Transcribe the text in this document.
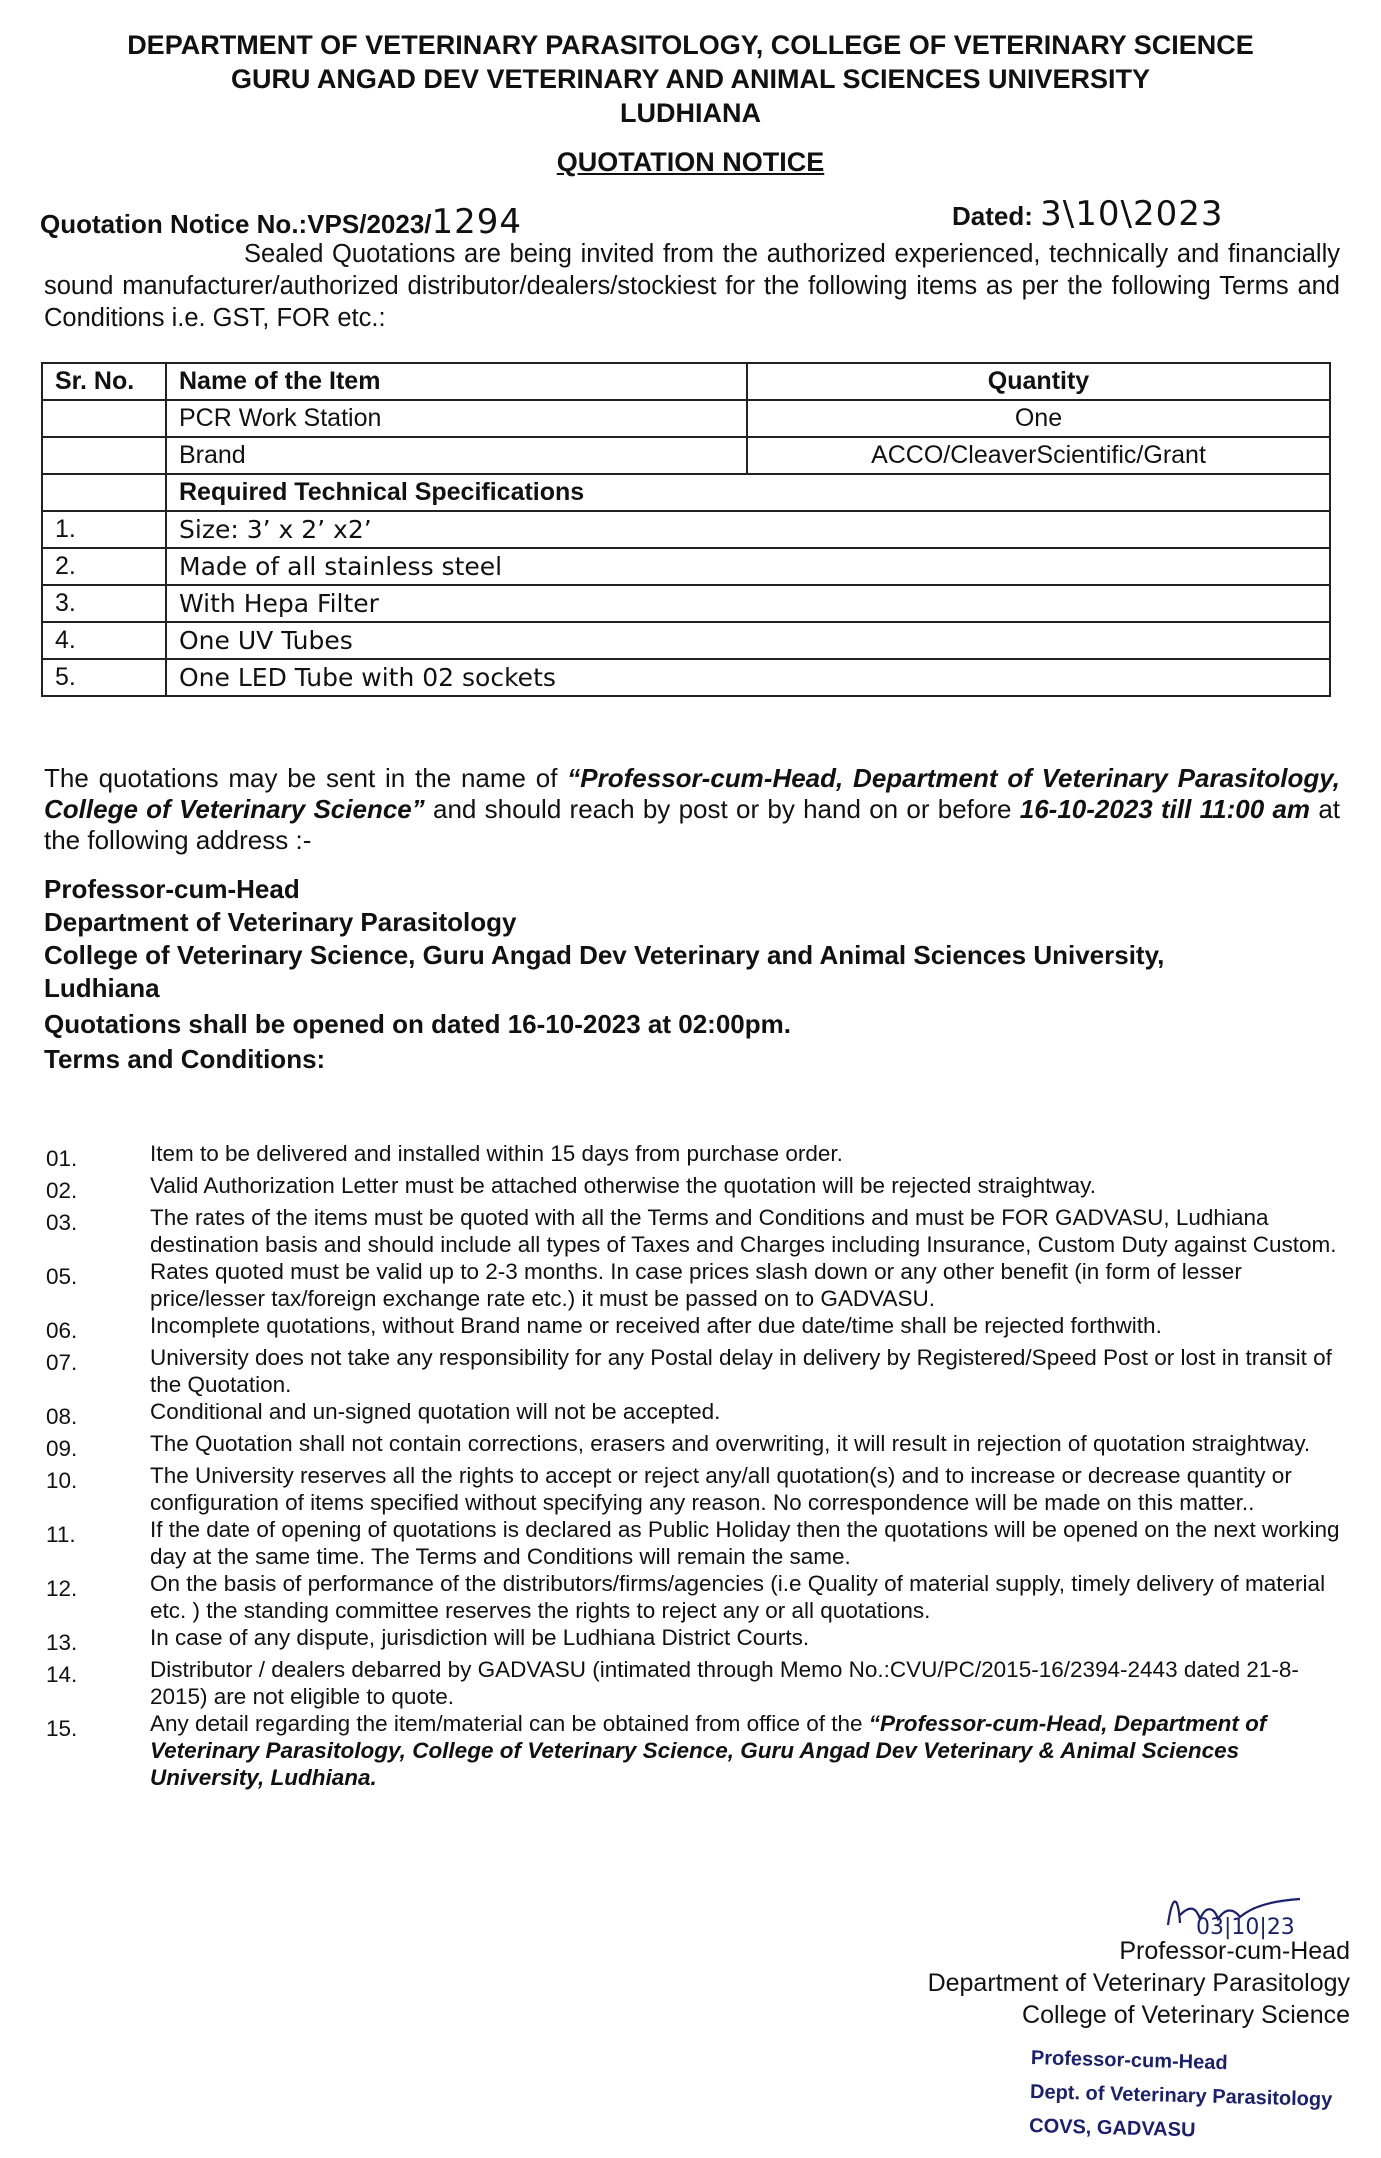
DEPARTMENT OF VETERINARY PARASITOLOGY, COLLEGE OF VETERINARY SCIENCE
GURU ANGAD DEV VETERINARY AND ANIMAL SCIENCES UNIVERSITY
LUDHIANA
QUOTATION NOTICE
Quotation Notice No.:VPS/2023/1294	Dated: 3\10\2023
Sealed Quotations are being invited from the authorized experienced, technically and financially sound manufacturer/authorized distributor/dealers/stockiest for the following items as per the following Terms and Conditions i.e. GST, FOR etc.:
Sr. No.	Name of the Item	Quantity
	PCR Work Station	One
	Brand	ACCO/CleaverScientific/Grant
	Required Technical Specifications	
1.	Size: 3’ x 2’ x2’	
2.	Made of all stainless steel	
3.	With Hepa Filter	
4.	One UV Tubes	
5.	One LED Tube with 02 sockets	
The quotations may be sent in the name of “Professor-cum-Head, Department of Veterinary Parasitology, College of Veterinary Science” and should reach by post or by hand on or before 16-10-2023 till 11:00 am at the following address :-
Professor-cum-Head
Department of Veterinary Parasitology
College of Veterinary Science, Guru Angad Dev Veterinary and Animal Sciences University,
Ludhiana
Quotations shall be opened on dated 16-10-2023 at 02:00pm.
Terms and Conditions:
01.	Item to be delivered and installed within 15 days from purchase order.
02.	Valid Authorization Letter must be attached otherwise the quotation will be rejected straightway.
03.	The rates of the items must be quoted with all the Terms and Conditions and must be FOR GADVASU, Ludhiana destination basis and should include all types of Taxes and Charges including Insurance, Custom Duty against Custom.
05.	Rates quoted must be valid up to 2-3 months. In case prices slash down or any other benefit (in form of lesser price/lesser tax/foreign exchange rate etc.) it must be passed on to GADVASU.
06.	Incomplete quotations, without Brand name or received after due date/time shall be rejected forthwith.
07.	University does not take any responsibility for any Postal delay in delivery by Registered/Speed Post or lost in transit of the Quotation.
08.	Conditional and un-signed quotation will not be accepted.
09.	The Quotation shall not contain corrections, erasers and overwriting, it will result in rejection of quotation straightway.
10.	The University reserves all the rights to accept or reject any/all quotation(s) and to increase or decrease quantity or configuration of items specified without specifying any reason. No correspondence will be made on this matter..
11.	If the date of opening of quotations is declared as Public Holiday then the quotations will be opened on the next working day at the same time. The Terms and Conditions will remain the same.
12.	On the basis of performance of the distributors/firms/agencies (i.e Quality of material supply, timely delivery of material etc. ) the standing committee reserves the rights to reject any or all quotations.
13.	In case of any dispute, jurisdiction will be Ludhiana District Courts.
14.	Distributor / dealers debarred by GADVASU (intimated through Memo No.:CVU/PC/2015-16/2394-2443 dated 21-8-2015) are not eligible to quote.
15.	Any detail regarding the item/material can be obtained from office of the “Professor-cum-Head, Department of Veterinary Parasitology, College of Veterinary Science, Guru Angad Dev Veterinary & Animal Sciences University, Ludhiana.
03|10|23
Professor-cum-Head
Department of Veterinary Parasitology
College of Veterinary Science
Professor-cum-Head
Dept. of Veterinary Parasitology
COVS, GADVASU
